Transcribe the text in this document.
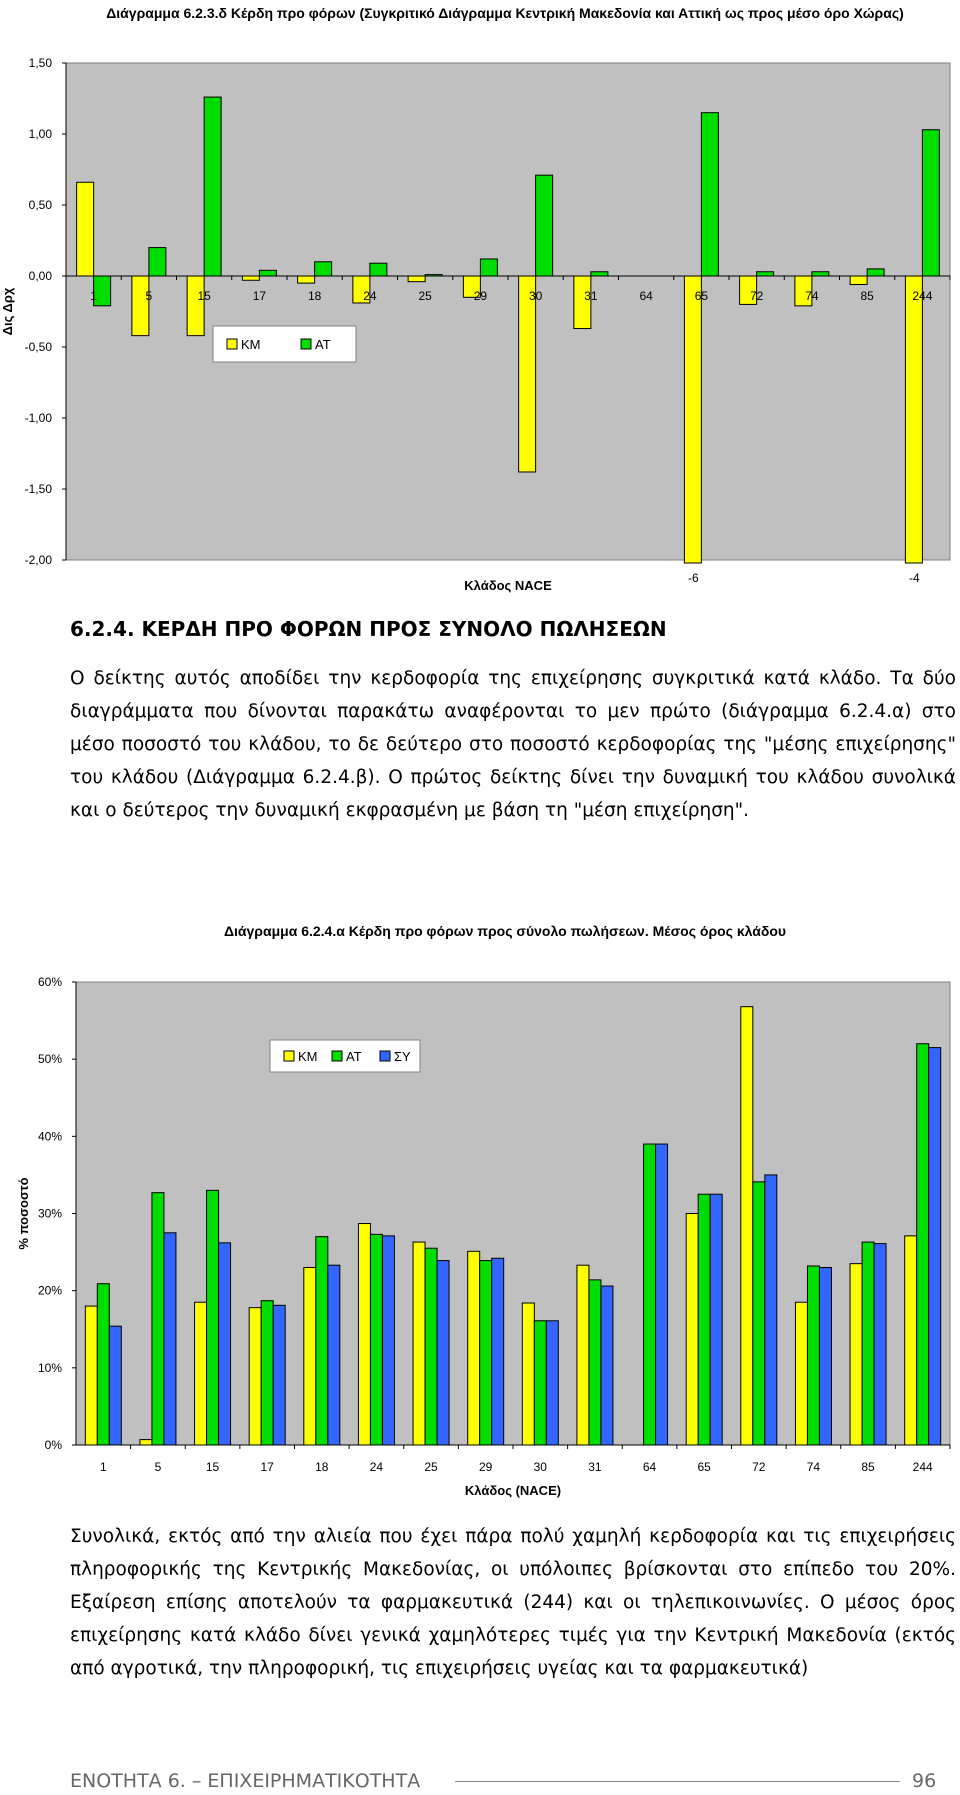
Διάγραμμα 6.2.3.δ Κέρδη προ φόρων (Συγκριτικό Διάγραμμα Κεντρική Μακεδονία και Αττική ως προς μέσο όρο Χώρας)
1,50
1,00
0,50
0,00
-0,50
-1,00
-1,50
-2,00
1	5	15	17	18	24	25	29	30	31	64	65	72	74	85	244
Κλάδος NACE
Δις Δρχ
ΚΜ	ΑΤ
-6	-4
6.2.4. ΚΕΡΔΗ ΠΡΟ ΦΟΡΩΝ ΠΡΟΣ ΣΥΝΟΛΟ ΠΩΛΗΣΕΩΝ
Ο δείκτης αυτός αποδίδει την κερδοφορία της επιχείρησης συγκριτικά κατά κλάδο. Τα δύο διαγράμματα που δίνονται παρακάτω αναφέρονται το μεν πρώτο (διάγραμμα 6.2.4.α) στο μέσο ποσοστό του κλάδου, το δε δεύτερο στο ποσοστό κερδοφορίας της "μέσης επιχείρησης" του κλάδου (Διάγραμμα 6.2.4.β). Ο πρώτος δείκτης δίνει την δυναμική του κλάδου συνολικά και ο δεύτερος την δυναμική εκφρασμένη με βάση τη "μέση επιχείρηση".
Διάγραμμα 6.2.4.α Κέρδη προ φόρων προς σύνολο πωλήσεων. Μέσος όρος κλάδου
60%
50%
40%
30%
20%
10%
0%
1	5	15	17	18	24	25	29	30	31	64	65	72	74	85	244
Κλάδος (NACE)
% ποσοστό
ΚΜ ΑΤ ΣΥ
Συνολικά, εκτός από την αλιεία που έχει πάρα πολύ χαμηλή κερδοφορία και τις επιχειρήσεις πληροφορικής της Κεντρικής Μακεδονίας, οι υπόλοιπες βρίσκονται στο επίπεδο του 20%. Εξαίρεση επίσης αποτελούν τα φαρμακευτικά (244) και οι τηλεπικοινωνίες. Ο μέσος όρος επιχείρησης κατά κλάδο δίνει γενικά χαμηλότερες τιμές για την Κεντρική Μακεδονία (εκτός από αγροτικά, την πληροφορική, τις επιχειρήσεις υγείας και τα φαρμακευτικά)
ΕΝΟΤΗΤΑ 6. – ΕΠΙΧΕΙΡΗΜΑΤΙΚΟΤΗΤΑ	96
